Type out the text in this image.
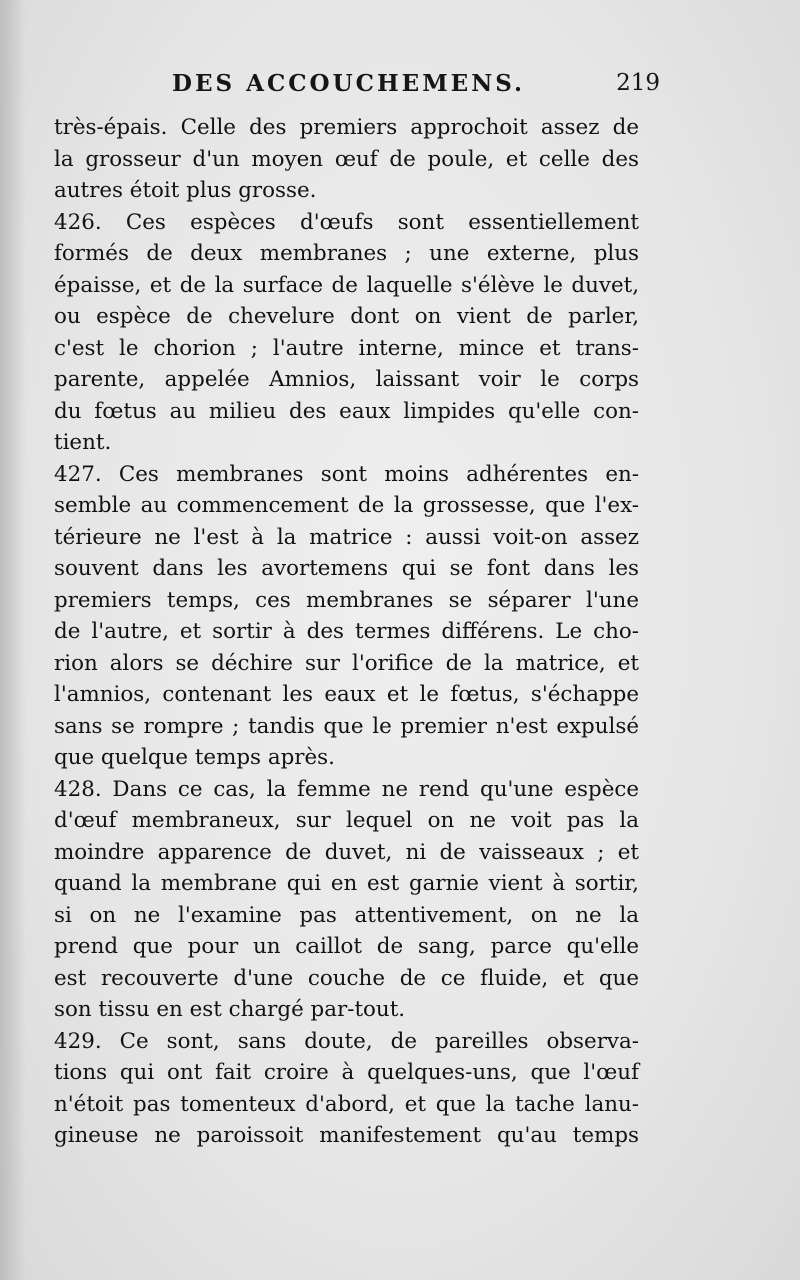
DES ACCOUCHEMENS.	219
très-épais. Celle des premiers approchoit assez de
la grosseur d'un moyen œuf de poule, et celle des
autres étoit plus grosse.
426. Ces espèces d'œufs sont essentiellement
formés de deux membranes ; une externe, plus
épaisse, et de la surface de laquelle s'élève le duvet,
ou espèce de chevelure dont on vient de parler,
c'est le chorion ; l'autre interne, mince et trans-
parente, appelée Amnios, laissant voir le corps
du fœtus au milieu des eaux limpides qu'elle con-
tient.
427. Ces membranes sont moins adhérentes en-
semble au commencement de la grossesse, que l'ex-
térieure ne l'est à la matrice : aussi voit-on assez
souvent dans les avortemens qui se font dans les
premiers temps, ces membranes se séparer l'une
de l'autre, et sortir à des termes différens. Le cho-
rion alors se déchire sur l'orifice de la matrice, et
l'amnios, contenant les eaux et le fœtus, s'échappe
sans se rompre ; tandis que le premier n'est expulsé
que quelque temps après.
428. Dans ce cas, la femme ne rend qu'une espèce
d'œuf membraneux, sur lequel on ne voit pas la
moindre apparence de duvet, ni de vaisseaux ; et
quand la membrane qui en est garnie vient à sortir,
si on ne l'examine pas attentivement, on ne la
prend que pour un caillot de sang, parce qu'elle
est recouverte d'une couche de ce fluide, et que
son tissu en est chargé par-tout.
429. Ce sont, sans doute, de pareilles observa-
tions qui ont fait croire à quelques-uns, que l'œuf
n'étoit pas tomenteux d'abord, et que la tache lanu-
gineuse ne paroissoit manifestement qu'au temps
